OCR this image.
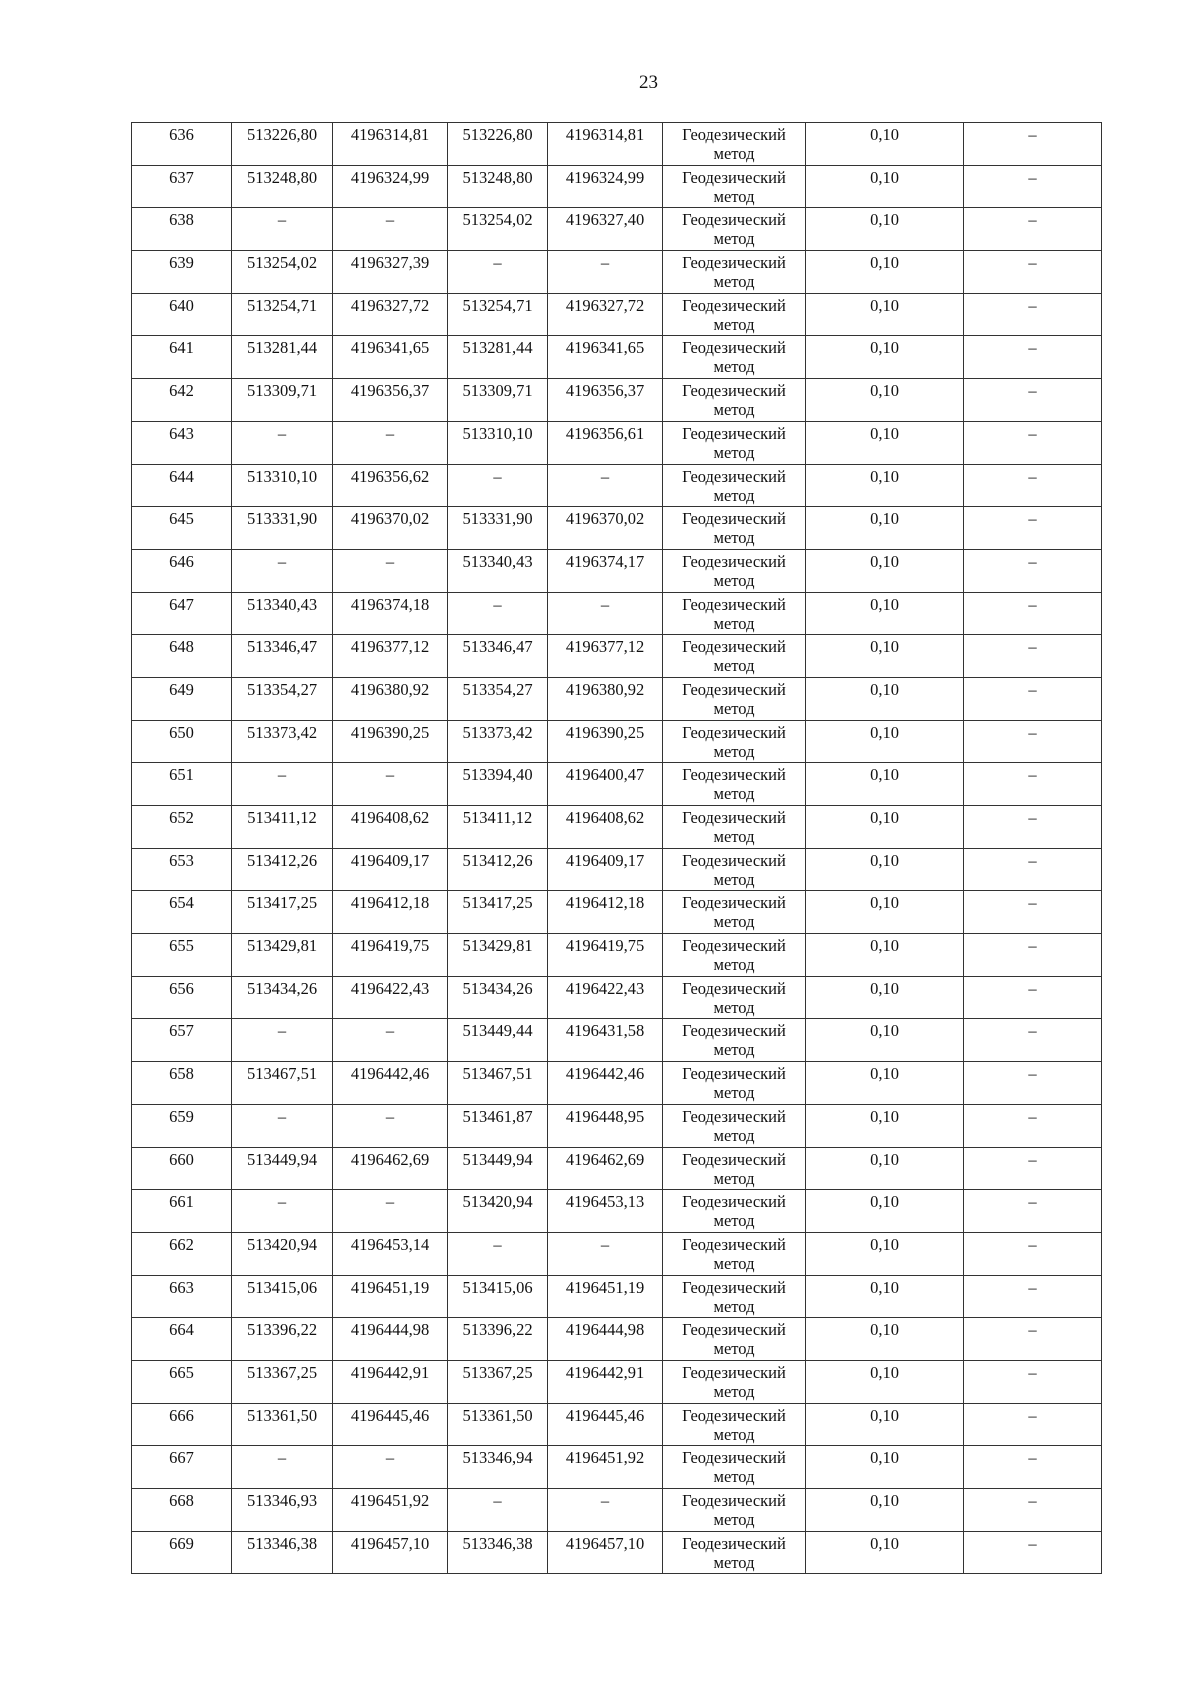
23
636	513226,80	4196314,81	513226,80	4196314,81	Геодезический метод	0,10	–

637	513248,80	4196324,99	513248,80	4196324,99	Геодезический метод	0,10	–

638	–	–	513254,02	4196327,40	Геодезический метод	0,10	–

639	513254,02	4196327,39	–	–	Геодезический метод	0,10	–

640	513254,71	4196327,72	513254,71	4196327,72	Геодезический метод	0,10	–

641	513281,44	4196341,65	513281,44	4196341,65	Геодезический метод	0,10	–

642	513309,71	4196356,37	513309,71	4196356,37	Геодезический метод	0,10	–

643	–	–	513310,10	4196356,61	Геодезический метод	0,10	–

644	513310,10	4196356,62	–	–	Геодезический метод	0,10	–

645	513331,90	4196370,02	513331,90	4196370,02	Геодезический метод	0,10	–

646	–	–	513340,43	4196374,17	Геодезический метод	0,10	–

647	513340,43	4196374,18	–	–	Геодезический метод	0,10	–

648	513346,47	4196377,12	513346,47	4196377,12	Геодезический метод	0,10	–

649	513354,27	4196380,92	513354,27	4196380,92	Геодезический метод	0,10	–

650	513373,42	4196390,25	513373,42	4196390,25	Геодезический метод	0,10	–

651	–	–	513394,40	4196400,47	Геодезический метод	0,10	–

652	513411,12	4196408,62	513411,12	4196408,62	Геодезический метод	0,10	–

653	513412,26	4196409,17	513412,26	4196409,17	Геодезический метод	0,10	–

654	513417,25	4196412,18	513417,25	4196412,18	Геодезический метод	0,10	–

655	513429,81	4196419,75	513429,81	4196419,75	Геодезический метод	0,10	–

656	513434,26	4196422,43	513434,26	4196422,43	Геодезический метод	0,10	–

657	–	–	513449,44	4196431,58	Геодезический метод	0,10	–

658	513467,51	4196442,46	513467,51	4196442,46	Геодезический метод	0,10	–

659	–	–	513461,87	4196448,95	Геодезический метод	0,10	–

660	513449,94	4196462,69	513449,94	4196462,69	Геодезический метод	0,10	–

661	–	–	513420,94	4196453,13	Геодезический метод	0,10	–

662	513420,94	4196453,14	–	–	Геодезический метод	0,10	–

663	513415,06	4196451,19	513415,06	4196451,19	Геодезический метод	0,10	–

664	513396,22	4196444,98	513396,22	4196444,98	Геодезический метод	0,10	–

665	513367,25	4196442,91	513367,25	4196442,91	Геодезический метод	0,10	–

666	513361,50	4196445,46	513361,50	4196445,46	Геодезический метод	0,10	–

667	–	–	513346,94	4196451,92	Геодезический метод	0,10	–

668	513346,93	4196451,92	–	–	Геодезический метод	0,10	–

669	513346,38	4196457,10	513346,38	4196457,10	Геодезический метод	0,10	–
